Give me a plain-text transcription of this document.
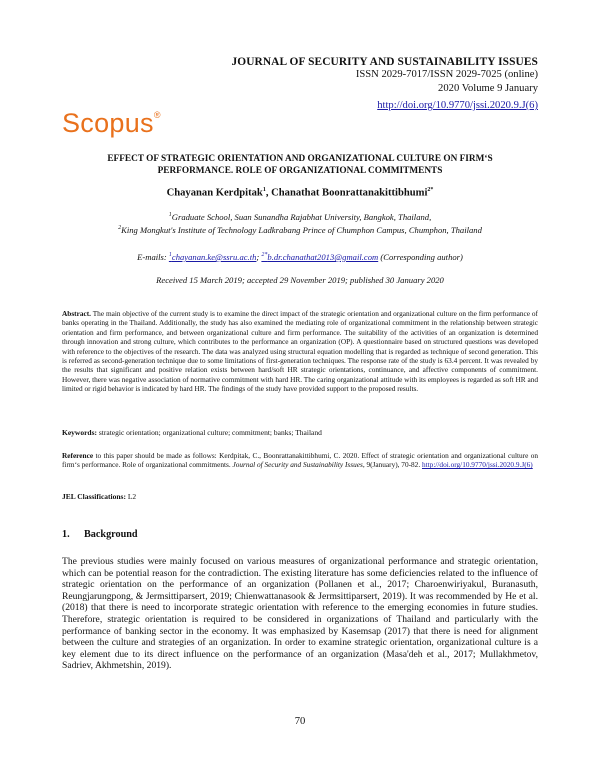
JOURNAL OF SECURITY AND SUSTAINABILITY ISSUES
ISSN 2029-7017/ISSN 2029-7025 (online)
2020 Volume 9 January
http://doi.org/10.9770/jssi.2020.9.J(6)
Scopus®
EFFECT OF STRATEGIC ORIENTATION AND ORGANIZATIONAL CULTURE ON FIRM‘S
PERFORMANCE. ROLE OF ORGANIZATIONAL COMMITMENTS
Chayanan Kerdpitak$^1$, Chanathat Boonrattanakittibhumi$^{2*}$
$^1$Graduate School, Suan Sunandha Rajabhat University, Bangkok, Thailand,
$^2$King Mongkut's Institute of Technology Ladkrabang Prince of Chumphon Campus, Chumphon, Thailand
E-mails: $^1$chayanan.ke@ssru.ac.th; $^{2*}$b.dr.chanathat2013@gmail.com (Corresponding author)
Received 15 March 2019; accepted 29 November 2019; published 30 January 2020
Abstract. The main objective of the current study is to examine the direct impact of the strategic orientation and organizational culture on the firm performance of banks operating in the Thailand. Additionally, the study has also examined the mediating role of organizational commitment in the relationship between strategic orientation and firm performance, and between organizational culture and firm performance. The suitability of the activities of an organization is determined through innovation and strong culture, which contributes to the performance an organization (OP). A questionnaire based on structured questions was developed with reference to the objectives of the research. The data was analyzed using structural equation modelling that is regarded as technique of second generation. This is referred as second-generation technique due to some limitations of first-generation techniques. The response rate of the study is 63.4 percent. It was revealed by the results that significant and positive relation exists between hard/soft HR strategic orientations, continuance, and affective components of commitment. However, there was negative association of normative commitment with hard HR. The caring organizational attitude with its employees is regarded as soft HR and limited or rigid behavior is indicated by hard HR. The findings of the study have provided support to the proposed results.
Keywords: strategic orientation; organizational culture; commitment; banks; Thailand
Reference to this paper should be made as follows: Kerdpitak, C., Boonrattanakittibhumi, C. 2020. Effect of strategic orientation and organizational culture on firm‘s performance. Role of organizational commitments. Journal of Security and Sustainability Issues, 9(January), 70-82. http://doi.org/10.9770/jssi.2020.9.J(6)
JEL Classifications: L2
1. Background
The previous studies were mainly focused on various measures of organizational performance and strategic orientation, which can be potential reason for the contradiction. The existing literature has some deficiencies related to the influence of strategic orientation on the performance of an organization (Pollanen et al., 2017; Charoenwiriyakul, Buranasuth, Reungjarungpong, & Jermsittiparsert, 2019; Chienwattanasook & Jermsittiparsert, 2019). It was recommended by He et al. (2018) that there is need to incorporate strategic orientation with reference to the emerging economies in future studies. Therefore, strategic orientation is required to be considered in organizations of Thailand and particularly with the performance of banking sector in the economy. It was emphasized by Kasemsap (2017) that there is need for alignment between the culture and strategies of an organization. In order to examine strategic orientation, organizational culture is a key element due to its direct influence on the performance of an organization (Masa'deh et al., 2017; Mullakhmetov, Sadriev, Akhmetshin, 2019).
70
